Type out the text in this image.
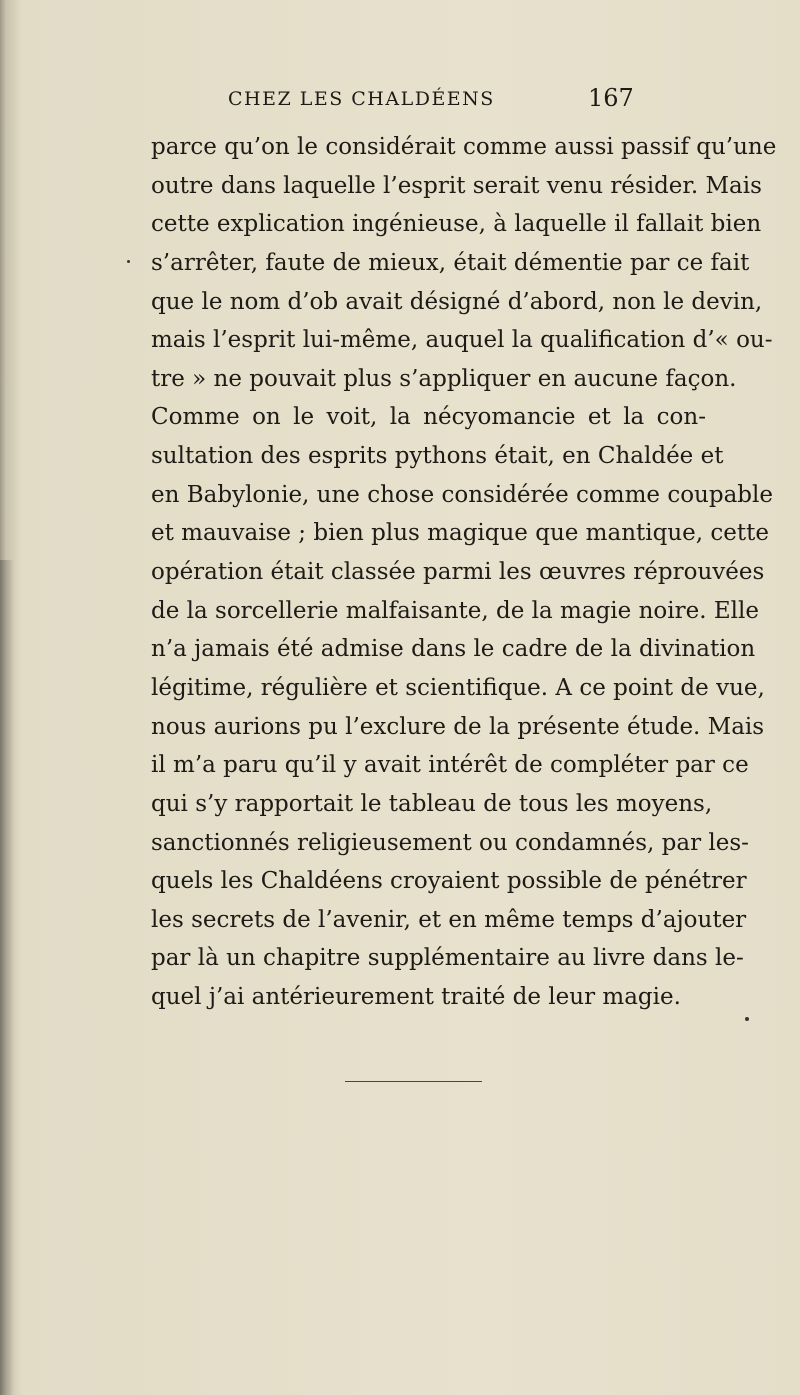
CHEZ LES CHALDÉENS	167
parce qu’on le considérait comme aussi passif qu’une
outre dans laquelle l’esprit serait venu résider. Mais
cette explication ingénieuse, à laquelle il fallait bien
s’arrêter, faute de mieux, était démentie par ce fait
que le nom d’ob avait désigné d’abord, non le devin,
mais l’esprit lui-même, auquel la qualification d’« ou-
tre » ne pouvait plus s’appliquer en aucune façon.
Comme on le voit, la nécyomancie et la con-
sultation des esprits pythons était, en Chaldée et
en Babylonie, une chose considérée comme coupable
et mauvaise ; bien plus magique que mantique, cette
opération était classée parmi les œuvres réprouvées
de la sorcellerie malfaisante, de la magie noire. Elle
n’a jamais été admise dans le cadre de la divination
légitime, régulière et scientifique. A ce point de vue,
nous aurions pu l’exclure de la présente étude. Mais
il m’a paru qu’il y avait intérêt de compléter par ce
qui s’y rapportait le tableau de tous les moyens,
sanctionnés religieusement ou condamnés, par les-
quels les Chaldéens croyaient possible de pénétrer
les secrets de l’avenir, et en même temps d’ajouter
par là un chapitre supplémentaire au livre dans le-
quel j’ai antérieurement traité de leur magie.
